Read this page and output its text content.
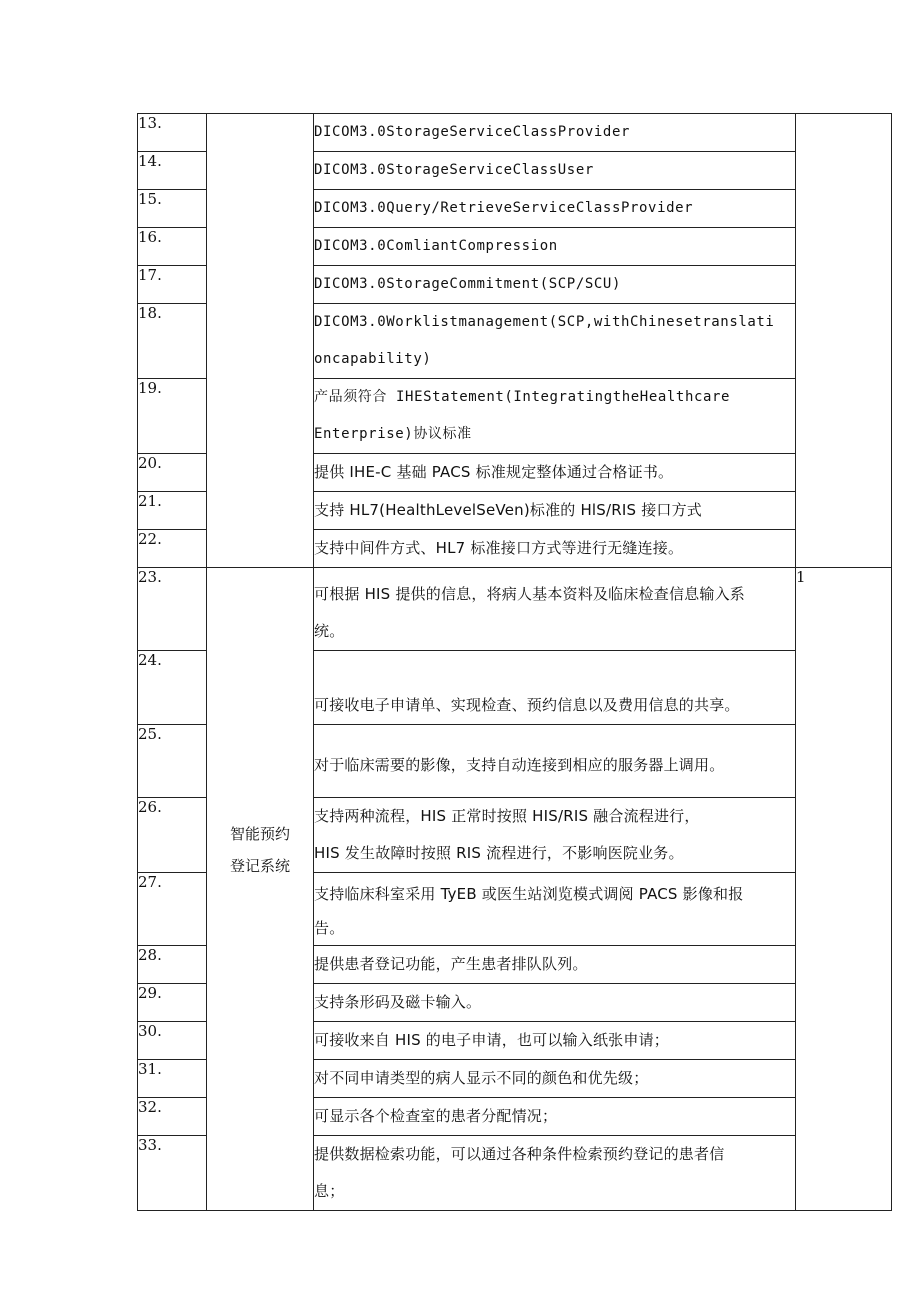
13.		DICOM3.0StorageServiceClassProvider	

14.		DICOM3.0StorageServiceClassUser	

15.		DICOM3.0Query/RetrieveServiceClassProvider	

16.		DICOM3.0ComliantCompression	

17.		DICOM3.0StorageCommitment(SCP/SCU)	

18.		DICOM3.0Worklistmanagement(SCP,withChinesetranslati
oncapability)	

19.		产品须符合 IHEStatement(IntegratingtheHealthcare
Enterprise)协议标准	

20.		提供 IHE-C 基础 PACS 标准规定整体通过合格证书。	

21.		支持 HL7(HealthLevelSeVen)标准的 HlS/RIS 接口方式	

22.		支持中间件方式、HL7 标准接口方式等进行无缝连接。	

23.	智能预约登记系统	可根据 HIS 提供的信息，将病人基本资料及临床检查信息输入系
统。	1
24.		可接收电子申请单、实现检查、预约信息以及费用信息的共享。	

25.		对于临床需要的影像，支持自动连接到相应的服务器上调用。	

26.		支持两种流程，HIS 正常时按照 HIS/RIS 融合流程进行，
HIS 发生故障时按照 RIS 流程进行，不影响医院业务。	

27.		支持临床科室采用 TyEB 或医生站浏览模式调阅 PACS 影像和报
告。	

28.		提供患者登记功能，产生患者排队队列。	

29.		支持条形码及磁卡输入。	

30.		可接收来自 HIS 的电子申请，也可以输入纸张申请；	

31.		对不同申请类型的病人显示不同的颜色和优先级；	

32.		可显示各个检查室的患者分配情况；	

33.		提供数据检索功能，可以通过各种条件检索预约登记的患者信
息；	
